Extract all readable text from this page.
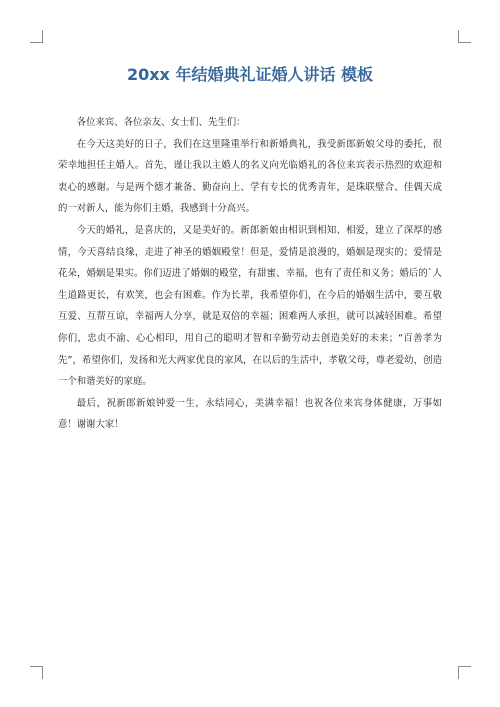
20xx 年结婚典礼证婚人讲话 模板

各位来宾、各位亲友、女士们、先生们：

在今天这美好的日子，我们在这里隆重举行和新婚典礼，我受新郎新娘父母的委托，很荣幸地担任主婚人。首先，谨让我以主婚人的名义向光临婚礼的各位来宾表示热烈的欢迎和衷心的感谢。与是两个德才兼备、勤奋向上、学有专长的优秀青年，是珠联璧合、佳偶天成的一对新人，能为你们主婚，我感到十分高兴。

今天的婚礼，是喜庆的，又是美好的。新郎新娘由相识到相知、相爱，建立了深厚的感情，今天喜结良缘，走进了神圣的婚姻殿堂！但是，爱情是浪漫的，婚姻是现实的；爱情是花朵，婚姻是果实。你们迈进了婚姻的殿堂，有甜蜜、幸福，也有了责任和义务；婚后的`人生道路更长，有欢笑，也会有困难。作为长辈，我希望你们，在今后的婚姻生活中，要互敬互爱、互帮互谅，幸福两人分享，就是双倍的幸福；困难两人承担，就可以减轻困难。希望你们，忠贞不渝、心心相印，用自己的聪明才智和辛勤劳动去创造美好的未来；“百善孝为先”，希望你们，发扬和光大两家优良的家风，在以后的生活中，孝敬父母，尊老爱幼，创造一个和谐美好的家庭。

最后，祝新郎新娘钟爱一生，永结同心，美满幸福！也祝各位来宾身体健康，万事如意！谢谢大家！
